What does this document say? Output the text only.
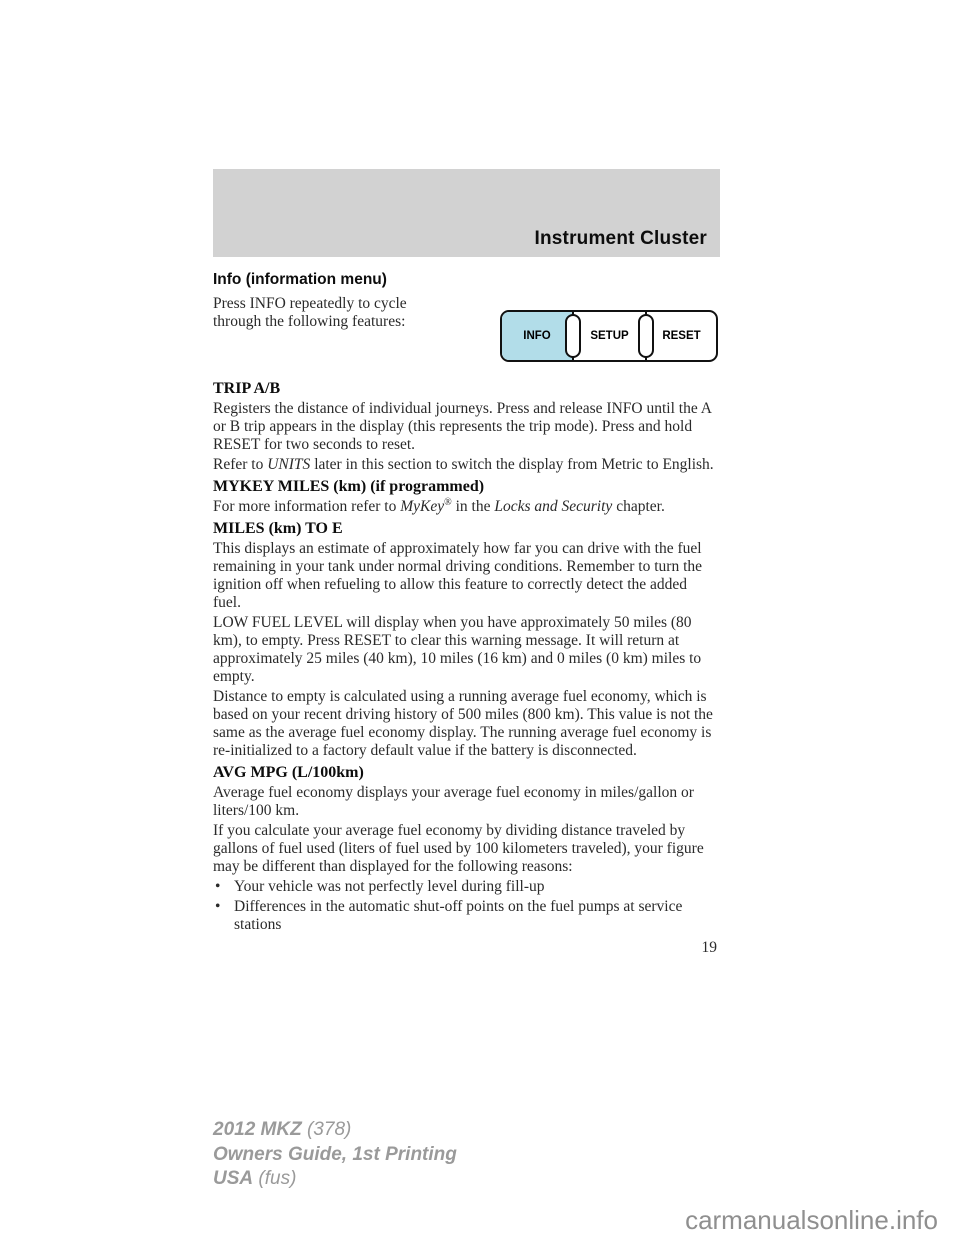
Instrument Cluster
Info (information menu)

Press INFO repeatedly to cycle through the following features:

INFO	SETUP	RESET
TRIP A/B

Registers the distance of individual journeys. Press and release INFO until the A or B trip appears in the display (this represents the trip mode). Press and hold RESET for two seconds to reset.

Refer to UNITS later in this section to switch the display from Metric to English.

MYKEY MILES (km) (if programmed)

For more information refer to MyKey® in the Locks and Security chapter.

MILES (km) TO E

This displays an estimate of approximately how far you can drive with the fuel remaining in your tank under normal driving conditions. Remember to turn the ignition off when refueling to allow this feature to correctly detect the added fuel.

LOW FUEL LEVEL will display when you have approximately 50 miles (80 km), to empty. Press RESET to clear this warning message. It will return at approximately 25 miles (40 km), 10 miles (16 km) and 0 miles (0 km) miles to empty.

Distance to empty is calculated using a running average fuel economy, which is based on your recent driving history of 500 miles (800 km). This value is not the same as the average fuel economy display. The running average fuel economy is re-initialized to a factory default value if the battery is disconnected.

AVG MPG (L/100km)

Average fuel economy displays your average fuel economy in miles/gallon or liters/100 km.

If you calculate your average fuel economy by dividing distance traveled by gallons of fuel used (liters of fuel used by 100 kilometers traveled), your figure may be different than displayed for the following reasons:

• Your vehicle was not perfectly level during fill-up
• Differences in the automatic shut-off points on the fuel pumps at service stations
19
2012 MKZ (378)
Owners Guide, 1st Printing
USA (fus)
carmanualsonline.info
